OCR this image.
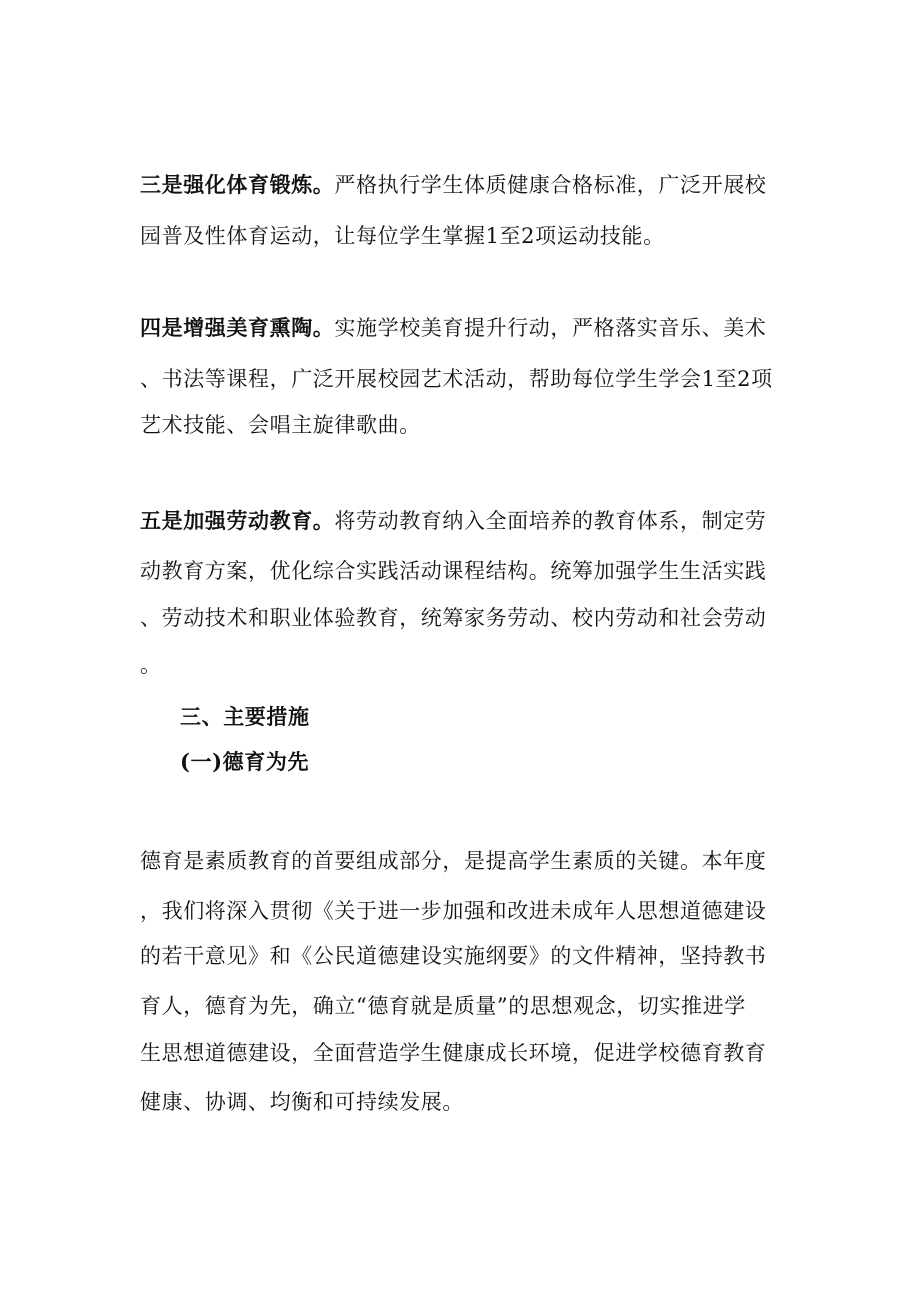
三是强化体育锻炼。严格执行学生体质健康合格标准，广泛开展校
园普及性体育运动，让每位学生掌握1至2项运动技能。
四是增强美育熏陶。实施学校美育提升行动，严格落实音乐、美术
、书法等课程，广泛开展校园艺术活动，帮助每位学生学会1至2项
艺术技能、会唱主旋律歌曲。
五是加强劳动教育。将劳动教育纳入全面培养的教育体系，制定劳
动教育方案，优化综合实践活动课程结构。统筹加强学生生活实践
、劳动技术和职业体验教育，统筹家务劳动、校内劳动和社会劳动
。
三、主要措施
(一)德育为先
德育是素质教育的首要组成部分，是提高学生素质的关键。本年度
，我们将深入贯彻《关于进一步加强和改进未成年人思想道德建设
的若干意见》和《公民道德建设实施纲要》的文件精神，坚持教书
育人，德育为先，确立“德育就是质量”的思想观念，切实推进学
生思想道德建设，全面营造学生健康成长环境，促进学校德育教育
健康、协调、均衡和可持续发展。
